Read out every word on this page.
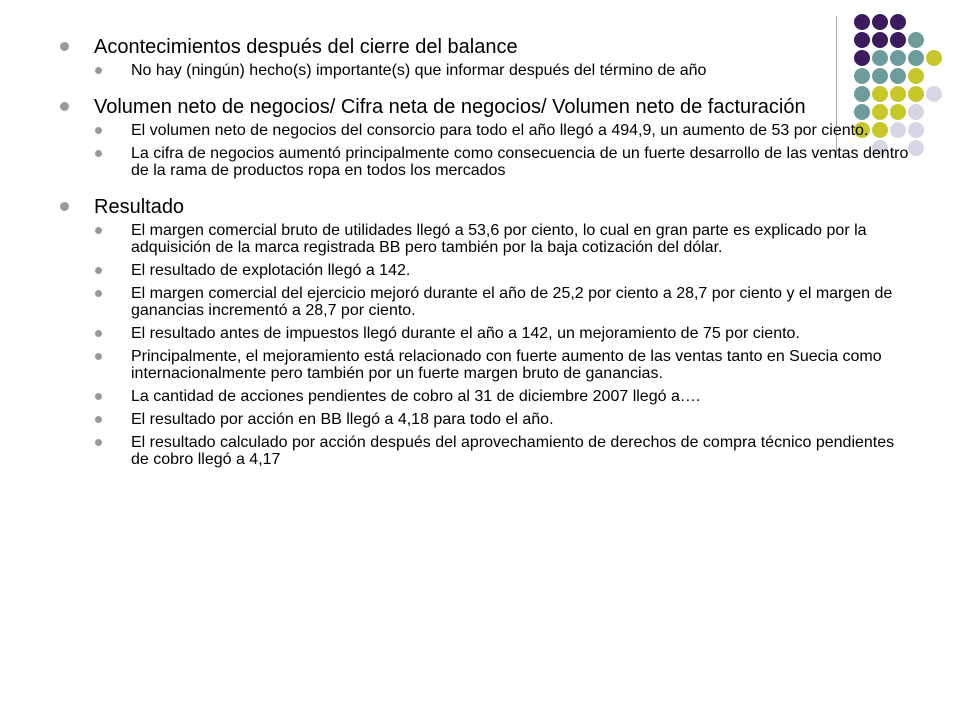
Acontecimientos después del cierre del balance
No hay (ningún) hecho(s) importante(s) que informar después del término de año
Volumen neto de negocios/ Cifra neta de negocios/ Volumen neto de facturación
El volumen neto de negocios del consorcio para todo el año llegó a 494,9, un aumento de 53 por ciento.
La cifra de negocios aumentó principalmente como consecuencia de un fuerte desarrollo de las ventas dentro de la rama de productos ropa en todos los mercados
Resultado
El margen comercial bruto de utilidades llegó a 53,6 por ciento, lo cual en gran parte es explicado por la adquisición de la marca registrada BB pero también por la baja cotización del dólar.
El resultado de explotación llegó a 142.
El margen comercial del ejercicio mejoró durante el año de 25,2 por ciento a 28,7 por ciento y el margen de ganancias incrementó a 28,7 por ciento.
El resultado antes de impuestos llegó durante el año a 142, un mejoramiento de 75 por ciento.
Principalmente, el mejoramiento está relacionado con fuerte aumento de las ventas tanto en Suecia como internacionalmente pero también por un fuerte margen bruto de ganancias.
La cantidad de acciones pendientes de cobro al 31 de diciembre 2007 llegó a….
El resultado por acción en BB llegó a 4,18 para todo el año.
El resultado calculado por acción después del aprovechamiento de derechos de compra técnico pendientes de cobro llegó a 4,17
